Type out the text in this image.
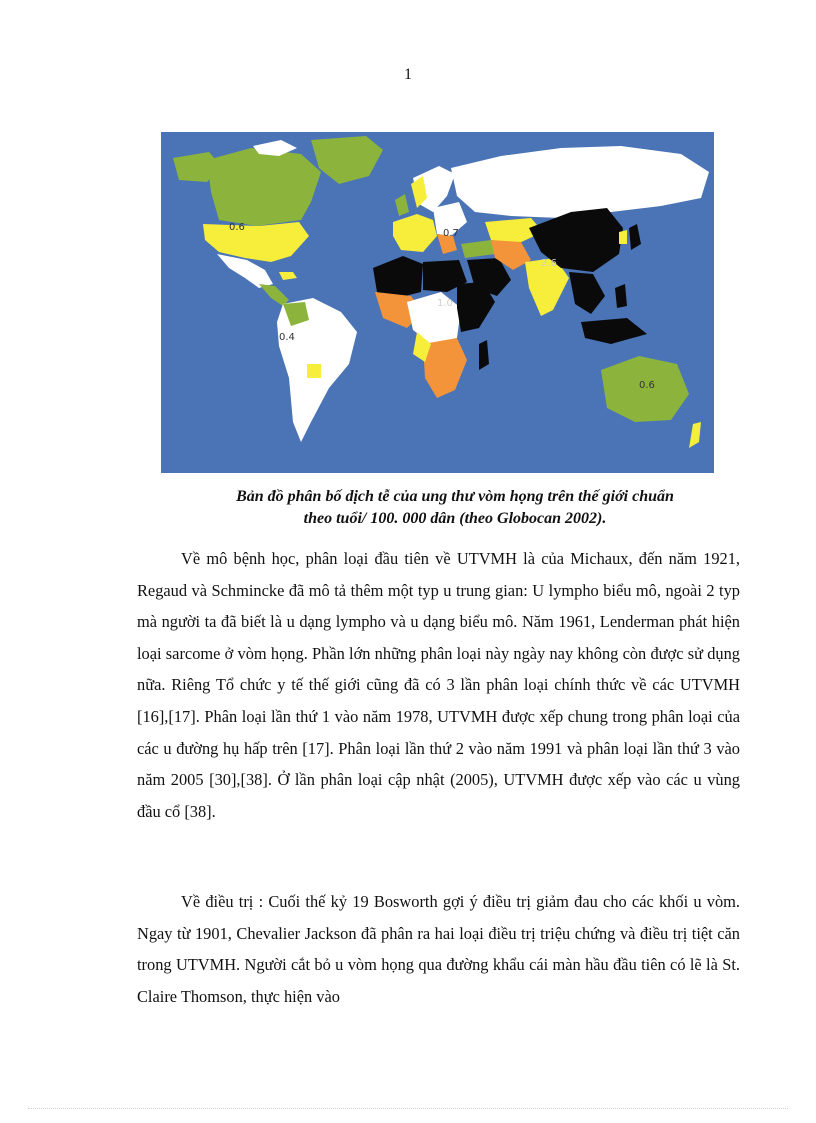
1
0.6
0.7
0.4
1.0
2.6
0.6
Bản đồ phân bố dịch tễ của ung thư vòm họng trên thế giới chuẩn
theo tuổi/ 100. 000 dân (theo Globocan 2002).

Về mô bệnh học, phân loại đầu tiên về UTVMH là của Michaux, đến năm 1921, Regaud và Schmincke đã mô tả thêm một typ u trung gian: U lympho biểu mô, ngoài 2 typ mà người ta đã biết là u dạng lympho và u dạng biểu mô. Năm 1961, Lenderman phát hiện loại sarcome ở vòm họng. Phần lớn những phân loại này ngày nay không còn được sử dụng nữa. Riêng Tổ chức y tế thế giới cũng đã có 3 lần phân loại chính thức về các UTVMH [16],[17]. Phân loại lần thứ 1 vào năm 1978, UTVMH được xếp chung trong phân loại của các u đường hụ hấp trên [17]. Phân loại lần thứ 2 vào năm 1991 và phân loại lần thứ 3 vào năm 2005 [30],[38]. Ở lần phân loại cập nhật (2005), UTVMH được xếp vào các u vùng đầu cổ [38].

Về điều trị : Cuối thế kỷ 19 Bosworth gợi ý điều trị giảm đau cho các khối u vòm. Ngay từ 1901, Chevalier Jackson đã phân ra hai loại điều trị triệu chứng và điều trị tiệt căn trong UTVMH. Người cắt bỏ u vòm họng qua đường khẩu cái màn hầu đầu tiên có lẽ là St. Claire Thomson, thực hiện vào
